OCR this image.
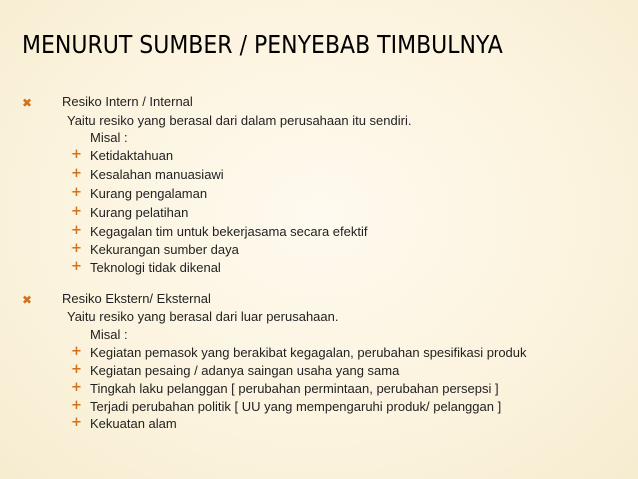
MENURUT SUMBER / PENYEBAB TIMBULNYA
✖ Resiko Intern / Internal
Yaitu resiko yang berasal dari dalam perusahaan itu sendiri.
Misal :
+ Ketidaktahuan
+ Kesalahan manuasiawi
+ Kurang pengalaman
+ Kurang pelatihan
+ Kegagalan tim untuk bekerjasama secara efektif
+ Kekurangan sumber daya
+ Teknologi tidak dikenal
✖ Resiko Ekstern/ Eksternal
Yaitu resiko yang berasal dari luar perusahaan.
Misal :
+ Kegiatan pemasok yang berakibat kegagalan, perubahan spesifikasi produk
+ Kegiatan pesaing / adanya saingan usaha yang sama
+ Tingkah laku pelanggan [ perubahan permintaan, perubahan persepsi ]
+ Terjadi perubahan politik [ UU yang mempengaruhi produk/ pelanggan ]
+ Kekuatan alam
